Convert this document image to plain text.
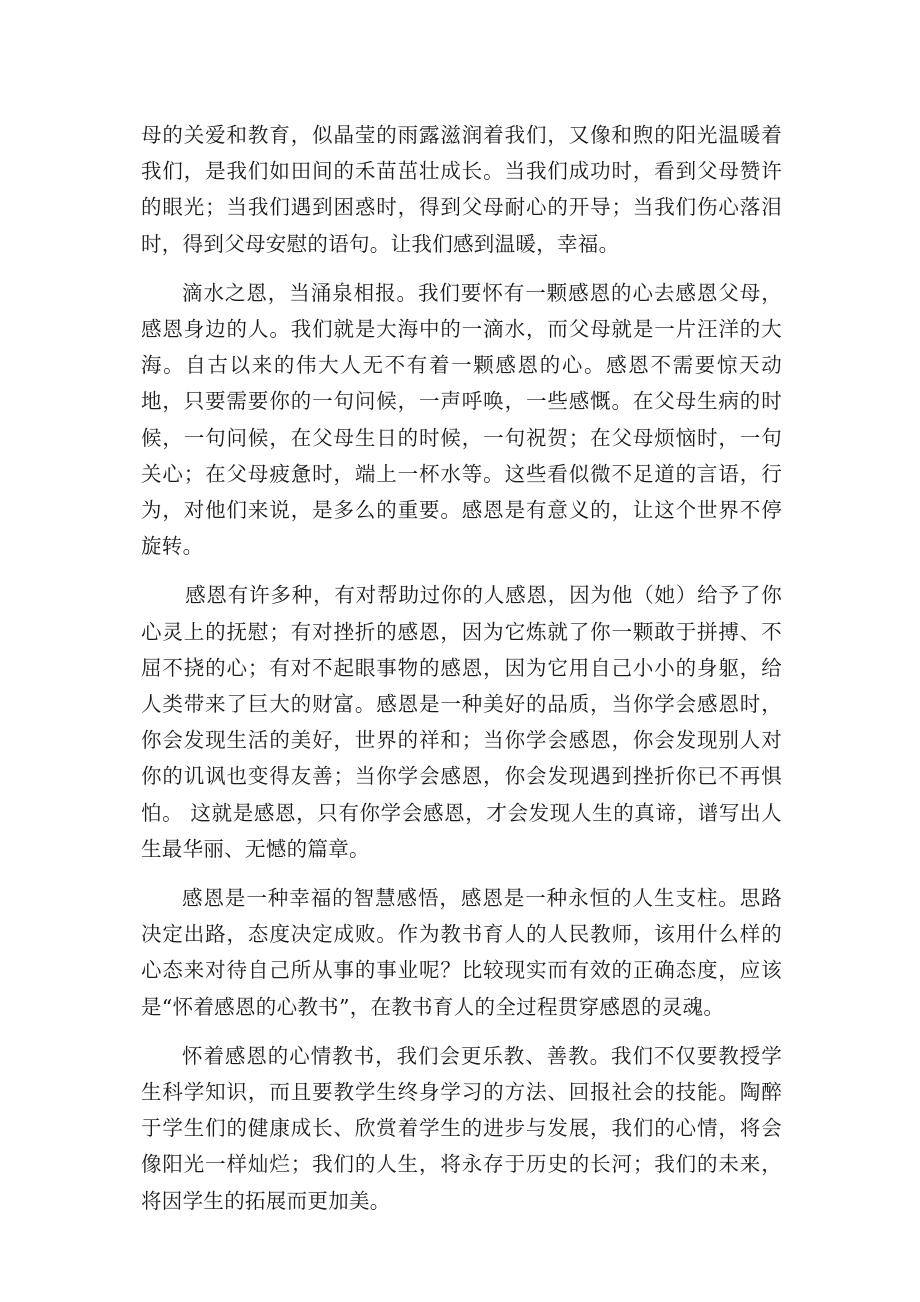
母的关爱和教育，似晶莹的雨露滋润着我们，又像和煦的阳光温暖着我们，是我们如田间的禾苗茁壮成长。当我们成功时，看到父母赞许的眼光；当我们遇到困惑时，得到父母耐心的开导；当我们伤心落泪时，得到父母安慰的语句。让我们感到温暖，幸福。

滴水之恩，当涌泉相报。我们要怀有一颗感恩的心去感恩父母，感恩身边的人。我们就是大海中的一滴水，而父母就是一片汪洋的大海。自古以来的伟大人无不有着一颗感恩的心。感恩不需要惊天动地，只要需要你的一句问候，一声呼唤，一些感慨。在父母生病的时候，一句问候，在父母生日的时候，一句祝贺；在父母烦恼时，一句关心；在父母疲惫时，端上一杯水等。这些看似微不足道的言语，行为，对他们来说，是多么的重要。感恩是有意义的，让这个世界不停旋转。

感恩有许多种，有对帮助过你的人感恩，因为他（她）给予了你心灵上的抚慰；有对挫折的感恩，因为它炼就了你一颗敢于拼搏、不屈不挠的心；有对不起眼事物的感恩，因为它用自己小小的身躯，给人类带来了巨大的财富。感恩是一种美好的品质，当你学会感恩时，你会发现生活的美好，世界的祥和；当你学会感恩，你会发现别人对你的讥讽也变得友善；当你学会感恩，你会发现遇到挫折你已不再惧怕。 这就是感恩，只有你学会感恩，才会发现人生的真谛，谱写出人生最华丽、无憾的篇章。

感恩是一种幸福的智慧感悟，感恩是一种永恒的人生支柱。思路决定出路，态度决定成败。作为教书育人的人民教师，该用什么样的心态来对待自己所从事的事业呢？比较现实而有效的正确态度，应该是“怀着感恩的心教书”，在教书育人的全过程贯穿感恩的灵魂。

怀着感恩的心情教书，我们会更乐教、善教。我们不仅要教授学生科学知识，而且要教学生终身学习的方法、回报社会的技能。陶醉于学生们的健康成长、欣赏着学生的进步与发展，我们的心情，将会像阳光一样灿烂；我们的人生，将永存于历史的长河；我们的未来，将因学生的拓展而更加美。
